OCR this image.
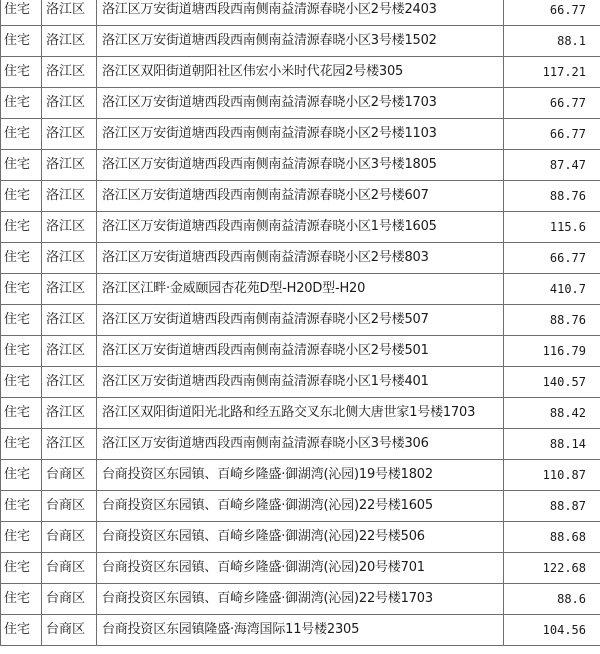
住宅	洛江区	洛江区万安街道塘西段西南侧南益清源春晓小区2号楼2403	66.77
住宅	洛江区	洛江区万安街道塘西段西南侧南益清源春晓小区3号楼1502	88.1
住宅	洛江区	洛江区双阳街道朝阳社区伟宏小米时代花园2号楼305	117.21
住宅	洛江区	洛江区万安街道塘西段西南侧南益清源春晓小区2号楼1703	66.77
住宅	洛江区	洛江区万安街道塘西段西南侧南益清源春晓小区2号楼1103	66.77
住宅	洛江区	洛江区万安街道塘西段西南侧南益清源春晓小区3号楼1805	87.47
住宅	洛江区	洛江区万安街道塘西段西南侧南益清源春晓小区2号楼607	88.76
住宅	洛江区	洛江区万安街道塘西段西南侧南益清源春晓小区1号楼1605	115.6
住宅	洛江区	洛江区万安街道塘西段西南侧南益清源春晓小区2号楼803	66.77
住宅	洛江区	洛江区江畔·金威颐园杏花苑D型-H20D型-H20	410.7
住宅	洛江区	洛江区万安街道塘西段西南侧南益清源春晓小区2号楼507	88.76
住宅	洛江区	洛江区万安街道塘西段西南侧南益清源春晓小区2号楼501	116.79
住宅	洛江区	洛江区万安街道塘西段西南侧南益清源春晓小区1号楼401	140.57
住宅	洛江区	洛江区双阳街道阳光北路和经五路交叉东北侧大唐世家1号楼1703	88.42
住宅	洛江区	洛江区万安街道塘西段西南侧南益清源春晓小区3号楼306	88.14
住宅	台商区	台商投资区东园镇、百崎乡隆盛·御湖湾(沁园)19号楼1802	110.87
住宅	台商区	台商投资区东园镇、百崎乡隆盛·御湖湾(沁园)22号楼1605	88.87
住宅	台商区	台商投资区东园镇、百崎乡隆盛·御湖湾(沁园)22号楼506	88.68
住宅	台商区	台商投资区东园镇、百崎乡隆盛·御湖湾(沁园)20号楼701	122.68
住宅	台商区	台商投资区东园镇、百崎乡隆盛·御湖湾(沁园)22号楼1703	88.6
住宅	台商区	台商投资区东园镇隆盛·海湾国际11号楼2305	104.56
